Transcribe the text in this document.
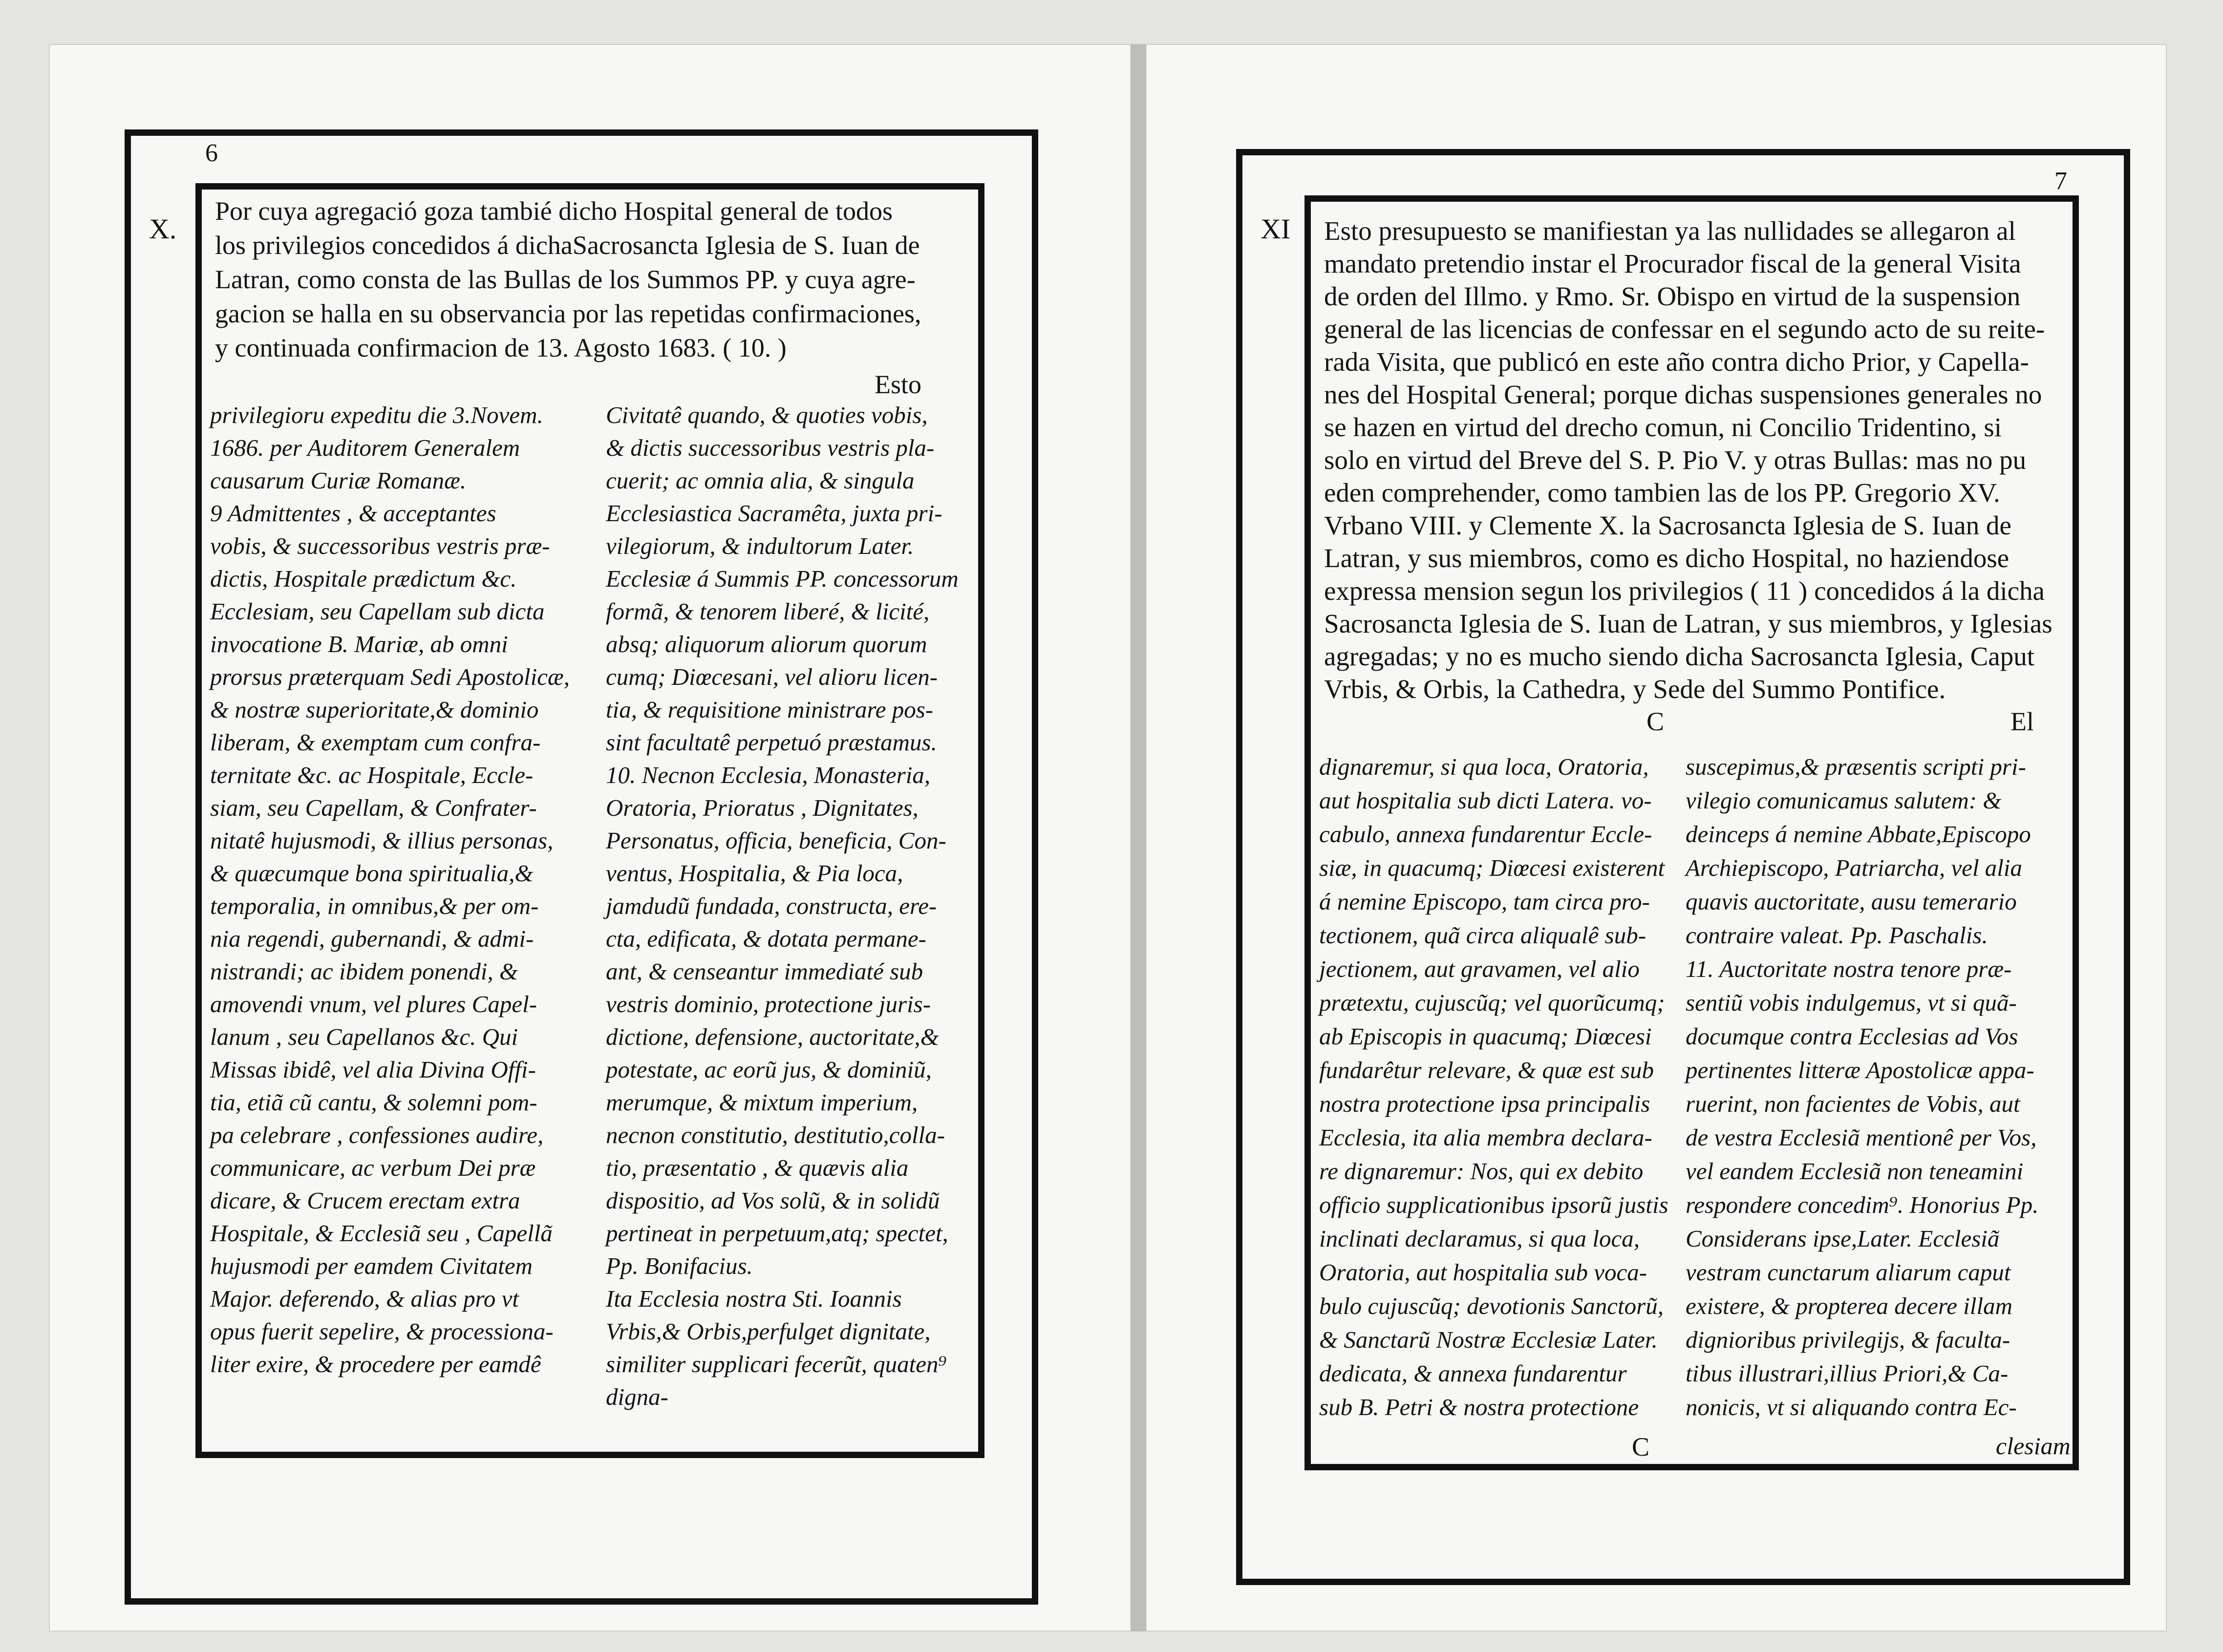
6
X.
Por cuya agregació goza tambié dicho Hospital general de todos
los privilegios concedidos á dichaSacrosancta Iglesia de S. Iuan de
Latran, como consta de las Bullas de los Summos PP. y cuya agre-
gacion se halla en su observancia por las repetidas confirmaciones,
y continuada confirmacion de 13. Agosto 1683. ( 10. )
Esto
privilegioru expeditu die 3.Novem.
1686. per Auditorem Generalem
causarum Curiæ Romanæ.
9 Admittentes , & acceptantes
vobis, & successoribus vestris præ-
dictis, Hospitale prædictum &c.
Ecclesiam, seu Capellam sub dicta
invocatione B. Mariæ, ab omni
prorsus præterquam Sedi Apostolicæ,
& nostræ superioritate,& dominio
liberam, & exemptam cum confra-
ternitate &c. ac Hospitale, Eccle-
siam, seu Capellam, & Confrater-
nitatê hujusmodi, & illius personas,
& quæcumque bona spiritualia,&
temporalia, in omnibus,& per om-
nia regendi, gubernandi, & admi-
nistrandi; ac ibidem ponendi, &
amovendi vnum, vel plures Capel-
lanum , seu Capellanos &c. Qui
Missas ibidê, vel alia Divina Offi-
tia, etiã cũ cantu, & solemni pom-
pa celebrare , confessiones audire,
communicare, ac verbum Dei præ
dicare, & Crucem erectam extra
Hospitale, & Ecclesiã seu , Capellã
hujusmodi per eamdem Civitatem
Major. deferendo, & alias pro vt
opus fuerit sepelire, & processiona-
liter exire, & procedere per eamdê
Civitatê quando, & quoties vobis,
& dictis successoribus vestris pla-
cuerit; ac omnia alia, & singula
Ecclesiastica Sacramêta, juxta pri-
vilegiorum, & indultorum Later.
Ecclesiæ á Summis PP. concessorum
formã, & tenorem liberé, & licité,
absq; aliquorum aliorum quorum
cumq; Diœcesani, vel alioru licen-
tia, & requisitione ministrare pos-
sint facultatê perpetuó præstamus.
10. Necnon Ecclesia, Monasteria,
Oratoria, Prioratus , Dignitates,
Personatus, officia, beneficia, Con-
ventus, Hospitalia, & Pia loca,
jamdudũ fundada, constructa, ere-
cta, edificata, & dotata permane-
ant, & censeantur immediaté sub
vestris dominio, protectione juris-
dictione, defensione, auctoritate,&
potestate, ac eorũ jus, & dominiũ,
merumque, & mixtum imperium,
necnon constitutio, destitutio,colla-
tio, præsentatio , & quævis alia
dispositio, ad Vos solũ, & in solidũ
pertineat in perpetuum,atq; spectet,
Pp. Bonifacius.
Ita Ecclesia nostra Sti. Ioannis
Vrbis,& Orbis,perfulget dignitate,
similiter supplicari fecerũt, quaten⁹
digna-
7
XI Esto presupuesto se manifiestan ya las nullidades se allegaron al
mandato pretendio instar el Procurador fiscal de la general Visita
de orden del Illmo. y Rmo. Sr. Obispo en virtud de la suspension
general de las licencias de confessar en el segundo acto de su reite-
rada Visita, que publicó en este año contra dicho Prior, y Capella-
nes del Hospital General; porque dichas suspensiones generales no
se hazen en virtud del drecho comun, ni Concilio Tridentino, si
solo en virtud del Breve del S. P. Pio V. y otras Bullas: mas no pu
eden comprehender, como tambien las de los PP. Gregorio XV.
Vrbano VIII. y Clemente X. la Sacrosancta Iglesia de S. Iuan de
Latran, y sus miembros, como es dicho Hospital, no haziendose
expressa mension segun los privilegios ( 11 ) concedidos á la dicha
Sacrosancta Iglesia de S. Iuan de Latran, y sus miembros, y Iglesias
agregadas; y no es mucho siendo dicha Sacrosancta Iglesia, Caput
Vrbis, & Orbis, la Cathedra, y Sede del Summo Pontifice.
C	El
dignaremur, si qua loca, Oratoria,
aut hospitalia sub dicti Latera. vo-
cabulo, annexa fundarentur Eccle-
siæ, in quacumq; Diœcesi existerent
á nemine Episcopo, tam circa pro-
tectionem, quã circa aliqualê sub-
jectionem, aut gravamen, vel alio
prætextu, cujuscũq; vel quorũcumq;
ab Episcopis in quacumq; Diœcesi
fundarêtur relevare, & quæ est sub
nostra protectione ipsa principalis
Ecclesia, ita alia membra declara-
re dignaremur: Nos, qui ex debito
officio supplicationibus ipsorũ justis
inclinati declaramus, si qua loca,
Oratoria, aut hospitalia sub voca-
bulo cujuscũq; devotionis Sanctorũ,
& Sanctarũ Nostræ Ecclesiæ Later.
dedicata, & annexa fundarentur
sub B. Petri & nostra protectione
C
suscepimus,& præsentis scripti pri-
vilegio comunicamus salutem: &
deinceps á nemine Abbate,Episcopo
Archiepiscopo, Patriarcha, vel alia
quavis auctoritate, ausu temerario
contraire valeat. Pp. Paschalis.
11. Auctoritate nostra tenore præ-
sentiũ vobis indulgemus, vt si quã-
documque contra Ecclesias ad Vos
pertinentes litteræ Apostolicæ appa-
ruerint, non facientes de Vobis, aut
de vestra Ecclesiã mentionê per Vos,
vel eandem Ecclesiã non teneamini
respondere concedim⁹. Honorius Pp.
Considerans ipse,Later. Ecclesiã
vestram cunctarum aliarum caput
existere, & propterea decere illam
dignioribus privilegijs, & faculta-
tibus illustrari,illius Priori,& Ca-
nonicis, vt si aliquando contra Ec-
clesiam
